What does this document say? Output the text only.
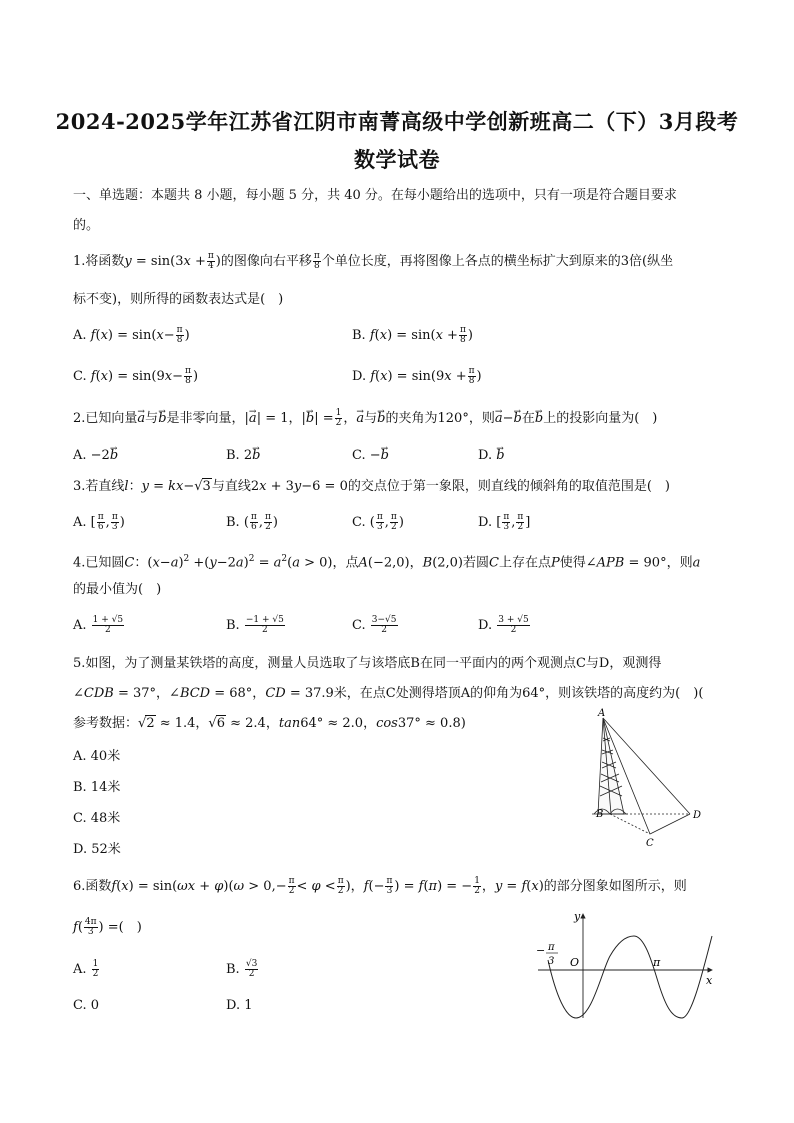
2024-2025学年江苏省江阴市南菁高级中学创新班高二（下）3月段考
数学试卷
一、单选题：本题共 8 小题，每小题 5 分，共 40 分。在每小题给出的选项中，只有一项是符合题目要求
的。
1.将函数$y = \sin(3x + \frac{\pi}{4}$ )的图像向右平移 $\frac{\pi}{8}$ 个单位长度，再将图像上各点的横坐标扩大到原来的3倍(纵坐
标不变)，则所得的函数表达式是(　)
A. $f(x) = \sin(x- \frac{\pi}{8}$ )	B. $f(x) = \sin(x + \frac{\pi}{8}$ )
C. $f(x) = \sin(9x- \frac{\pi}{8}$ )	D. $f(x) = \sin(9x + \frac{\pi}{8}$ )
2.已知向量→ a与→ b是非零向量，|→ a| = 1，|→ $b| = \frac{1}{2}$ ，→ a与→ b的夹角为120°，则→ a−→ b在→ b上的投影向量为(　)
A. −2→ b	B. 2→ b	C. −→ b	D. → b
3.若直线l：y = kx−√3与直线2x + 3y−6 = 0的交点位于第一象限，则直线的倾斜角的取值范围是(　)
A. [ $\frac{\pi}{6}$ , $\frac{\pi}{3}$ )	B. ( $\frac{\pi}{6}$ , $\frac{\pi}{2}$ )	C. ( $\frac{\pi}{3}$ , $\frac{\pi}{2}$ )	D. [ $\frac{\pi}{3}$ , $\frac{\pi}{2}$ ]
4.已知圆C：$(x-a)^2 +(y-2a)^2 = a^2(a > 0)$，点A(−2,0)，B(2,0)若圆C上存在点P使得∠APB = 90°，则a
的最小值为(　)
A. $\frac{1 + √5}{2}$	B. $\frac{-1 + √5}{2}$	C. $\frac{3-√5}{2}$	D. $\frac{3 + √5}{2}$
5.如图，为了测量某铁塔的高度，测量人员选取了与该塔底B在同一平面内的两个观测点C与D，观测得
∠CDB = 37°，∠BCD = 68°，CD = 37.9米，在点C处测得塔顶A的仰角为64°，则该铁塔的高度约为(　)(
参考数据：√2 ≈ 1.4，√6 ≈ 2.4，tan64° ≈ 2.0，cos37° ≈ 0.8)
A. 40米
B. 14米
C. 48米
D. 52米
A
B
C
D
6.函数$f(x) = \sin(\omega x + \varphi)(\omega > 0,- \frac{\pi}{2} < \varphi < \frac{\pi}{2}$ )，$f(- \frac{\pi}{3}$ ) = f(π) = − $\frac{1}{2}$ ，y = f(x)的部分图象如图所示，则
$f( \frac{4\pi}{3}$ ) =(　)
A. $\frac{1}{2}$	B. $\frac{√3}{2}$
C. 0	D. 1
y
x
O	π
− π
3
